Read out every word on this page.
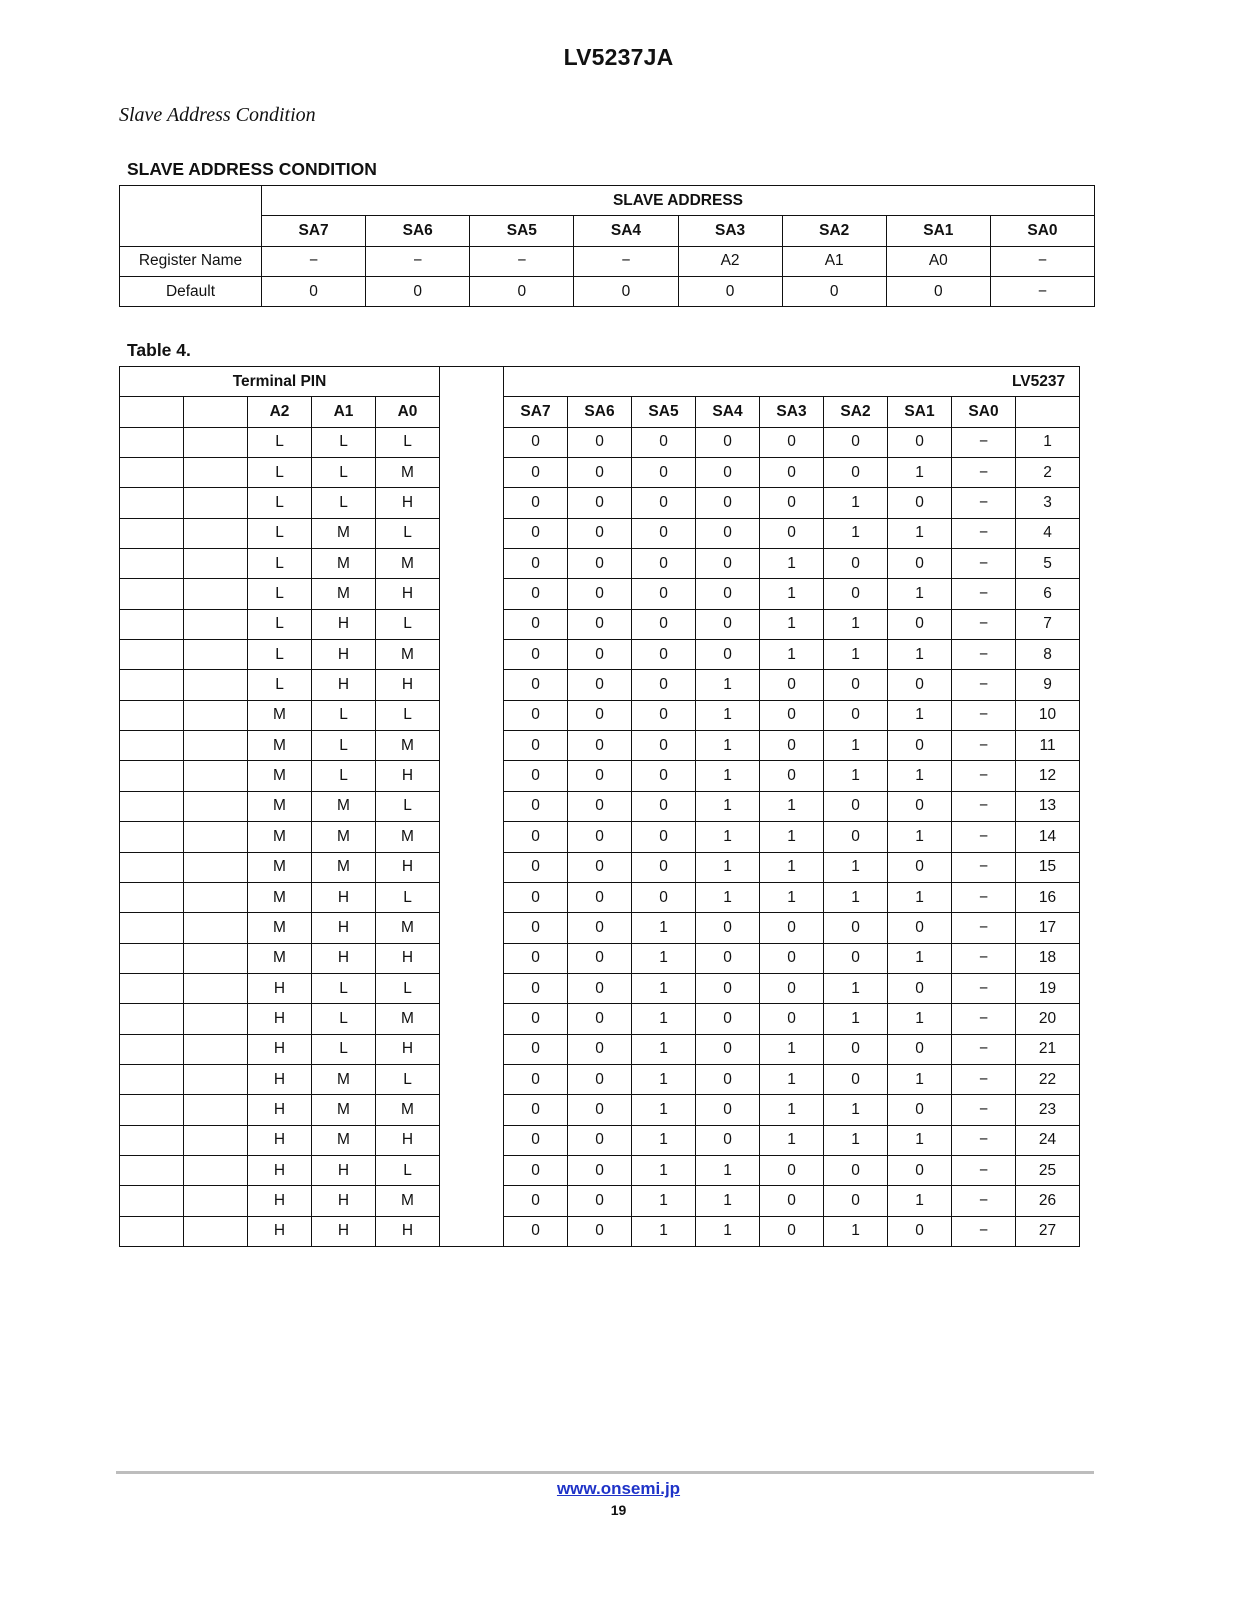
LV5237JA
Slave Address Condition
SLAVE ADDRESS CONDITION
	SLAVE ADDRESS							
	SA7	SA6	SA5	SA4	SA3	SA2	SA1	SA0
Register Name	−	−	−	−	A2	A1	A0	−
Default	0	0	0	0	0	0	0	−
Table 4.
Terminal PIN						LV5237								
		A2	A1	A0		SA7	SA6	SA5	SA4	SA3	SA2	SA1	SA0	
		L	L	L		0	0	0	0	0	0	0	−	1
		L	L	M		0	0	0	0	0	0	1	−	2
		L	L	H		0	0	0	0	0	1	0	−	3
		L	M	L		0	0	0	0	0	1	1	−	4
		L	M	M		0	0	0	0	1	0	0	−	5
		L	M	H		0	0	0	0	1	0	1	−	6
		L	H	L		0	0	0	0	1	1	0	−	7
		L	H	M		0	0	0	0	1	1	1	−	8
		L	H	H		0	0	0	1	0	0	0	−	9
		M	L	L		0	0	0	1	0	0	1	−	10
		M	L	M		0	0	0	1	0	1	0	−	11
		M	L	H		0	0	0	1	0	1	1	−	12
		M	M	L		0	0	0	1	1	0	0	−	13
		M	M	M		0	0	0	1	1	0	1	−	14
		M	M	H		0	0	0	1	1	1	0	−	15
		M	H	L		0	0	0	1	1	1	1	−	16
		M	H	M		0	0	1	0	0	0	0	−	17
		M	H	H		0	0	1	0	0	0	1	−	18
		H	L	L		0	0	1	0	0	1	0	−	19
		H	L	M		0	0	1	0	0	1	1	−	20
		H	L	H		0	0	1	0	1	0	0	−	21
		H	M	L		0	0	1	0	1	0	1	−	22
		H	M	M		0	0	1	0	1	1	0	−	23
		H	M	H		0	0	1	0	1	1	1	−	24
		H	H	L		0	0	1	1	0	0	0	−	25
		H	H	M		0	0	1	1	0	0	1	−	26
		H	H	H		0	0	1	1	0	1	0	−	27
www.onsemi.jp
19
